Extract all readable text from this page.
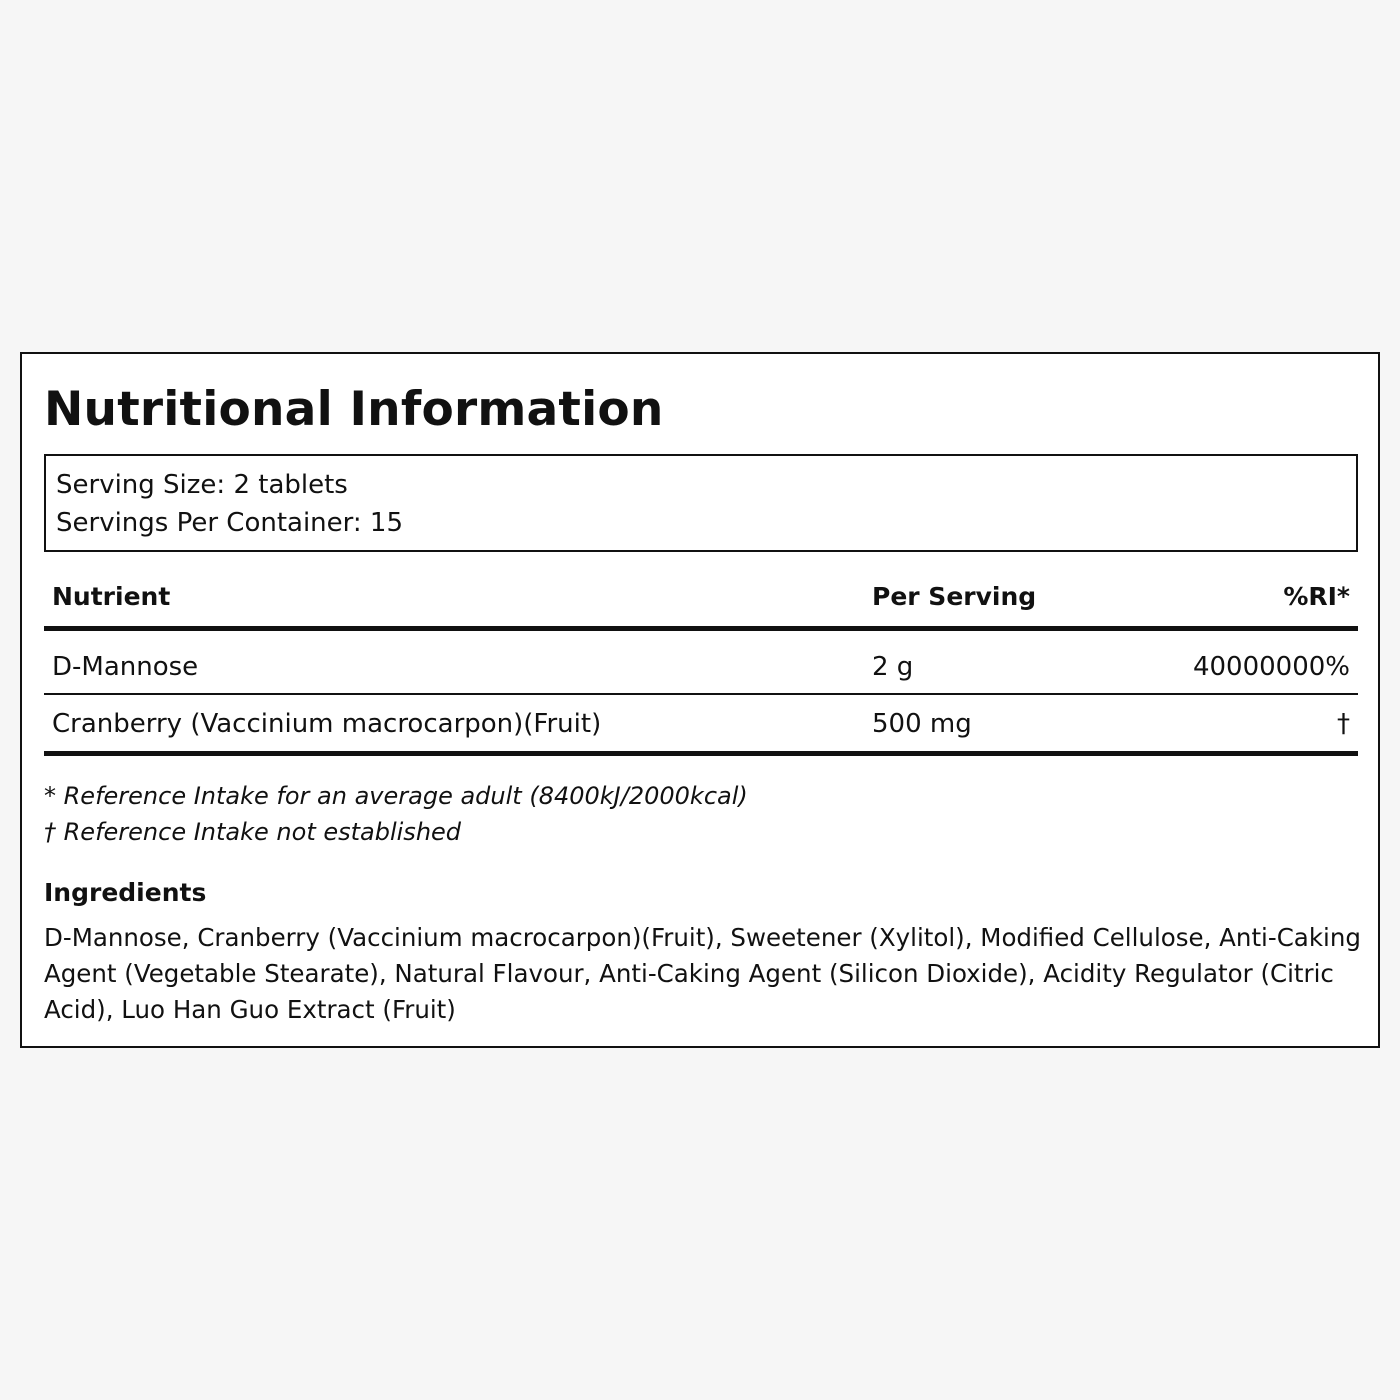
Nutritional Information
Serving Size: 2 tablets
Servings Per Container: 15
Nutrient	Per Serving	%RI*
D-Mannose	2 g	40000000%
Cranberry (Vaccinium macrocarpon)(Fruit)	500 mg	†
* Reference Intake for an average adult (8400kJ/2000kcal)
† Reference Intake not established
Ingredients

D-Mannose, Cranberry (Vaccinium macrocarpon)(Fruit), Sweetener (Xylitol), Modified Cellulose, Anti-Caking Agent (Vegetable Stearate), Natural Flavour, Anti-Caking Agent (Silicon Dioxide), Acidity Regulator (Citric Acid), Luo Han Guo Extract (Fruit)
